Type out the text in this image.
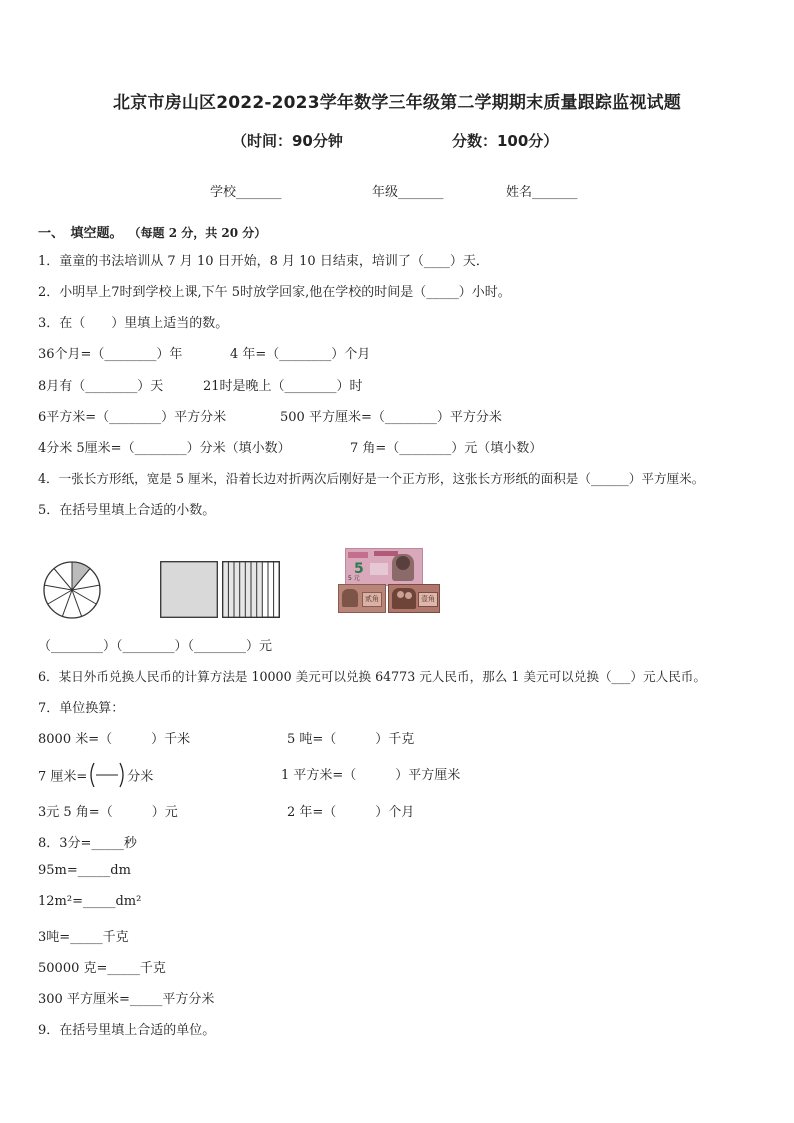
北京市房山区2022-2023学年数学三年级第二学期期末质量跟踪监视试题
（时间：90分钟	分数：100分）
学校_______	年级_______	姓名_______
一、　填空题。 （每题 2 分，共 20 分）
1．童童的书法培训从 7 月 10 日开始，8 月 10 日结束，培训了（____）天．
2．小明早上7时到学校上课,下午 5时放学回家,他在学校的时间是（_____）小时。
3．在（　　）里填上适当的数。
36个月=（________）年	4 年=（________）个月
8月有（________）天	21时是晚上（________）时
6平方米=（________）平方分米	500 平方厘米=（________）平方分米
4分米 5厘米=（________）分米（填小数）	7 角=（________）元（填小数）
4．一张长方形纸，宽是 5 厘米，沿着长边对折两次后刚好是一个正方形，这张长方形纸的面积是（______）平方厘米。
5．在括号里填上合适的小数。
5
5 元
贰角	壹角
（________）（________）（________）元
6．某日外币兑换人民币的计算方法是 10000 美元可以兑换 64773 元人民币，那么 1 美元可以兑换（___）元人民币。
7．单位换算：
8000 米=（　　　）千米	5 吨=（　　　）千克
7 厘米=	分米	1 平方米=（　　　）平方厘米
3元 5 角=（　　　）元	2 年=（　　　）个月
8．3分=_____秒
95m=_____dm
12m²=_____dm²
3吨=_____千克
50000 克=_____千克
300 平方厘米=_____平方分米
9．在括号里填上合适的单位。
